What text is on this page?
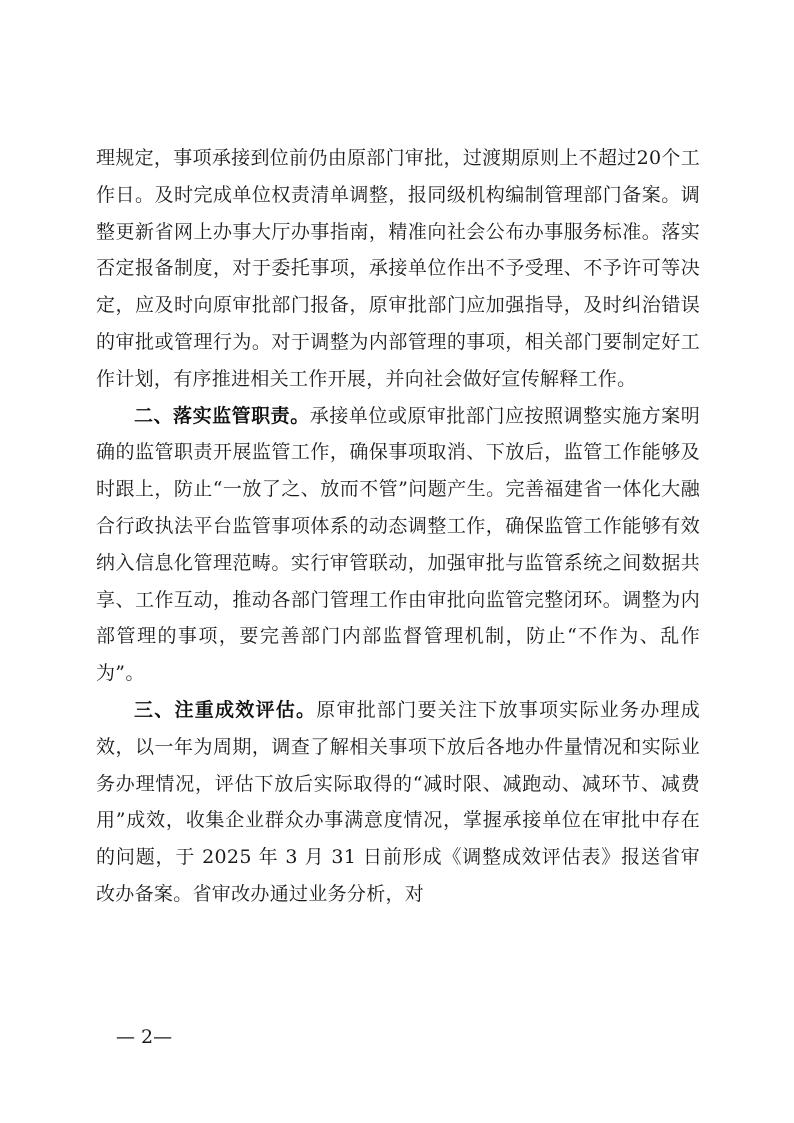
理规定，事项承接到位前仍由原部门审批，过渡期原则上不超过20个工作日。及时完成单位权责清单调整，报同级机构编制管理部门备案。调整更新省网上办事大厅办事指南，精准向社会公布办事服务标准。落实否定报备制度，对于委托事项，承接单位作出不予受理、不予许可等决定，应及时向原审批部门报备，原审批部门应加强指导，及时纠治错误的审批或管理行为。对于调整为内部管理的事项，相关部门要制定好工作计划，有序推进相关工作开展，并向社会做好宣传解释工作。

二、落实监管职责。承接单位或原审批部门应按照调整实施方案明确的监管职责开展监管工作，确保事项取消、下放后，监管工作能够及时跟上，防止“一放了之、放而不管”问题产生。完善福建省一体化大融合行政执法平台监管事项体系的动态调整工作，确保监管工作能够有效纳入信息化管理范畴。实行审管联动，加强审批与监管系统之间数据共享、工作互动，推动各部门管理工作由审批向监管完整闭环。调整为内部管理的事项，要完善部门内部监督管理机制，防止“不作为、乱作为”。

三、注重成效评估。原审批部门要关注下放事项实际业务办理成效，以一年为周期，调查了解相关事项下放后各地办件量情况和实际业务办理情况，评估下放后实际取得的“减时限、减跑动、减环节、减费用”成效，收集企业群众办事满意度情况，掌握承接单位在审批中存在的问题，于 2025 年 3 月 31 日前形成《调整成效评估表》报送省审改办备案。省审改办通过业务分析，对

— 2—
